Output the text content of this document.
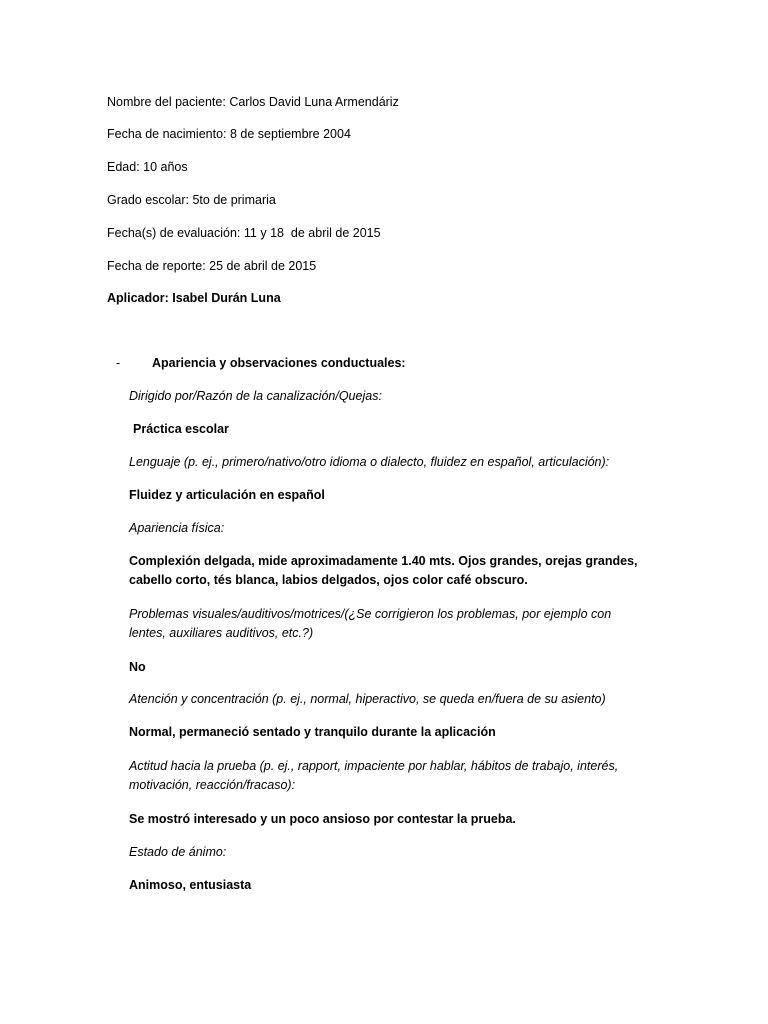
Nombre del paciente: Carlos David Luna Armendáriz

Fecha de nacimiento: 8 de septiembre 2004

Edad: 10 años

Grado escolar: 5to de primaria

Fecha(s) de evaluación: 11 y 18  de abril de 2015

Fecha de reporte: 25 de abril de 2015

Aplicador: Isabel Durán Luna

-	Apariencia y observaciones conductuales:

Dirigido por/Razón de la canalización/Quejas:

Práctica escolar

Lenguaje (p. ej., primero/nativo/otro idioma o dialecto, fluidez en español, articulación):

Fluidez y articulación en español

Apariencia física:

Complexión delgada, mide aproximadamente 1.40 mts. Ojos grandes, orejas grandes, cabello corto, tés blanca, labios delgados, ojos color café obscuro.

Problemas visuales/auditivos/motrices/(¿Se corrigieron los problemas, por ejemplo con lentes, auxiliares auditivos, etc.?)

No

Atención y concentración (p. ej., normal, hiperactivo, se queda en/fuera de su asiento)

Normal, permaneció sentado y tranquilo durante la aplicación

Actitud hacia la prueba (p. ej., rapport, impaciente por hablar, hábitos de trabajo, interés, motivación, reacción/fracaso):

Se mostró interesado y un poco ansioso por contestar la prueba.

Estado de ánimo:

Animoso, entusiasta
